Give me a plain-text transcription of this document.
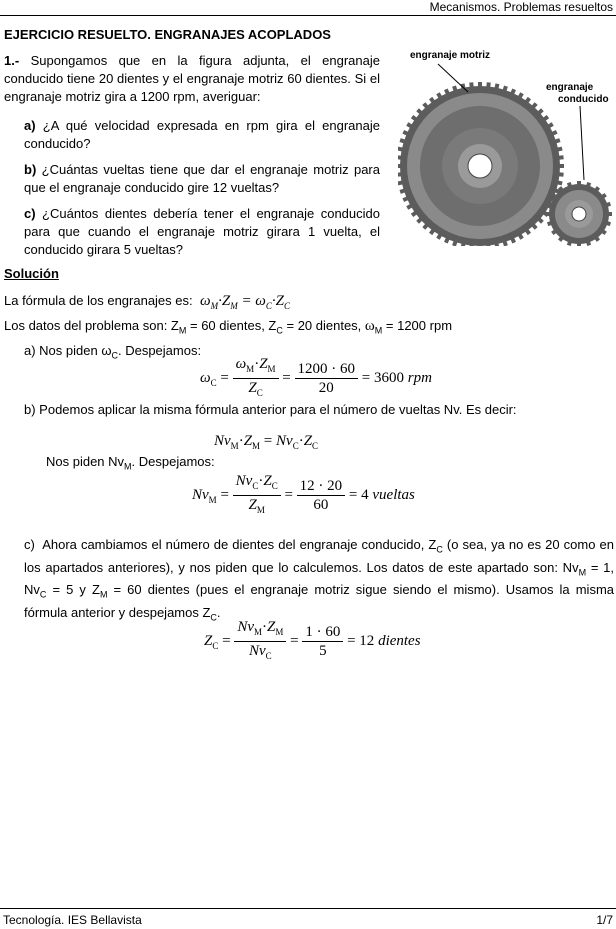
Mecanismos. Problemas resueltos
EJERCICIO RESUELTO. ENGRANAJES ACOPLADOS
1.- Supongamos que en la figura adjunta, el engranaje conducido tiene 20 dientes y el engranaje motriz 60 dientes. Si el engranaje motriz gira a 1200 rpm, averiguar:
a) ¿A qué velocidad expresada en rpm gira el engranaje conducido?
b) ¿Cuántas vueltas tiene que dar el engranaje motriz para que el engranaje conducido gire 12 vueltas?
c) ¿Cuántos dientes debería tener el engranaje conducido para que cuando el engranaje motriz girara 1 vuelta, el conducido girara 5 vueltas?
engranaje motriz
engranaje
conducido
Solución
La fórmula de los engranajes es:  $\omega_M\cdot Z_M = \omega_C\cdot Z_C$
Los datos del problema son: $Z_M = 60$ dientes, $Z_C = 20$ dientes, $\omega_M = 1200$ rpm
a) Nos piden $\omega_C$. Despejamos:
$\omega_C = \frac{\omega_M\cdot Z_M}{Z_C} = \frac{1200 \cdot 60}{20} = 3600$ rpm
b) Podemos aplicar la misma fórmula anterior para el número de vueltas Nv. Es decir:
$Nv_M\cdot Z_M = Nv_C\cdot Z_C$
Nos piden $Nv_M$. Despejamos:
$Nv_M = \frac{Nv_C\cdot Z_C}{Z_M} = \frac{12 \cdot 20}{60} = 4$ vueltas
c) Ahora cambiamos el número de dientes del engranaje conducido, $Z_C$ (o sea, ya no es 20 como en los apartados anteriores), y nos piden que lo calculemos. Los datos de este apartado son: $Nv_M = 1$, $Nv_C = 5$ y $Z_M = 60$ dientes (pues el engranaje motriz sigue siendo el mismo). Usamos la misma fórmula anterior y despejamos $Z_C$.
$Z_C = \frac{Nv_M\cdot Z_M}{Nv_C} = \frac{1 \cdot 60}{5} = 12$ dientes
Tecnología. IES Bellavista	1/7
